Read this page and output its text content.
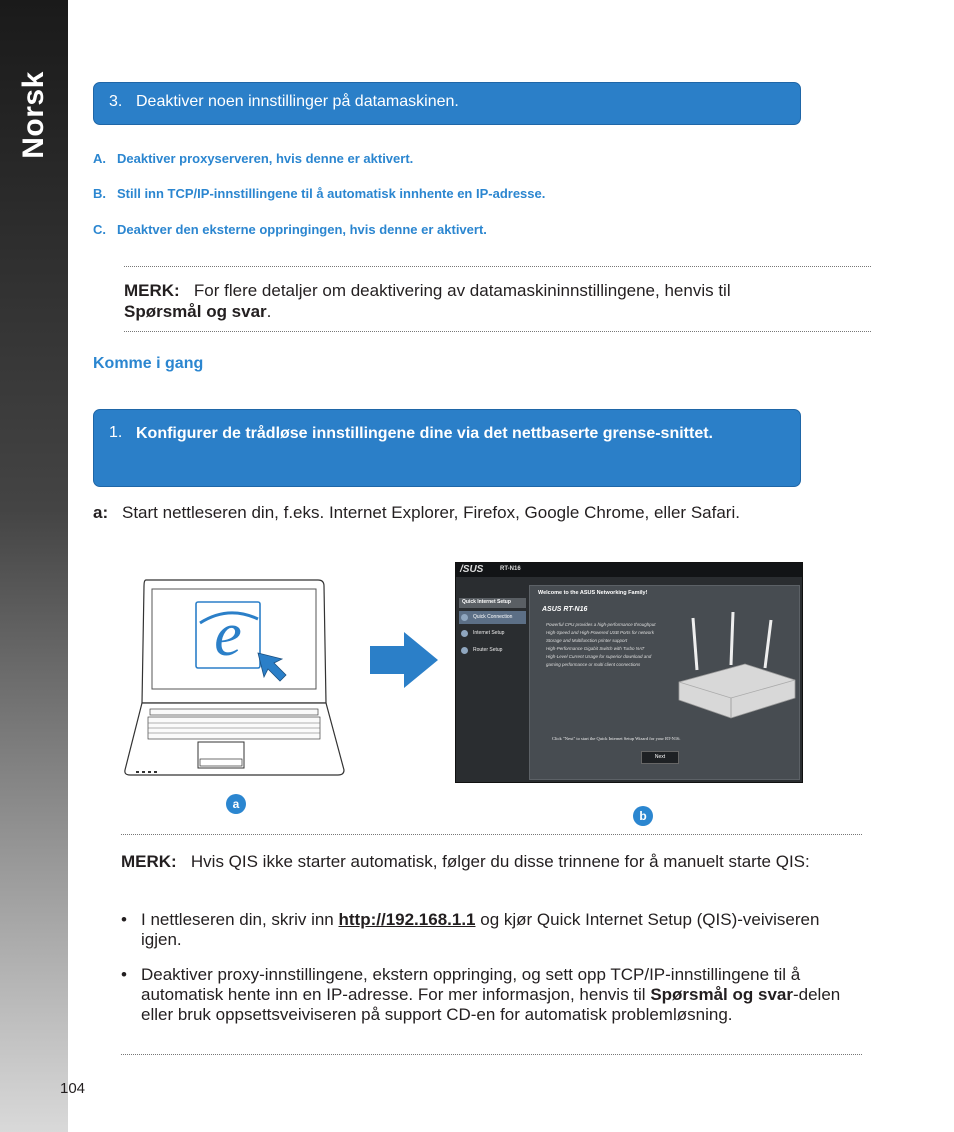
Norsk	3. Deaktiver noen innstillinger på datamaskinen.
A. Deaktiver proxyserveren, hvis denne er aktivert.
B. Still inn TCP/IP-innstillingene til å automatisk innhente en IP-adresse.
C. Deaktver den eksterne oppringingen, hvis denne er aktivert.
MERK: For flere detaljer om deaktivering av datamaskininnstillingene, henvis til
Spørsmål og svar.
Komme i gang
1. Konfigurer de trådløse innstillingene dine via det nettbaserte grense-snittet.
a: Start nettleseren din, f.eks. Internet Explorer, Firefox, Google Chrome, eller Safari.
e
/SUS	RT-N16
Quick Internet Setup
Quick Connection
Internet Setup
Router Setup
Welcome to the ASUS Networking Family!
ASUS RT-N16
Powerful CPU provides a high-performance throughput
High-Speed and High-Powered USB Ports for network Storage and Multifunction printer support
High-Performance Gigabit Switch with Turbo NAT
High-Level Current Usage for superior download and gaming performance or multi client connections
Click "Next" to start the Quick Internet Setup Wizard for your RT-N16.
Next
a
b
MERK: Hvis QIS ikke starter automatisk, følger du disse trinnene for å manuelt starte QIS:
• I nettleseren din, skriv inn http://192.168.1.1 og kjør Quick Internet Setup (QIS)-veiviseren igjen.
• Deaktiver proxy-innstillingene, ekstern oppringing, og sett opp TCP/IP-innstillingene til å automatisk hente inn en IP-adresse. For mer informasjon, henvis til Spørsmål og svar-delen eller bruk oppsettsveiviseren på support CD-en for automatisk problemløsning.
104
